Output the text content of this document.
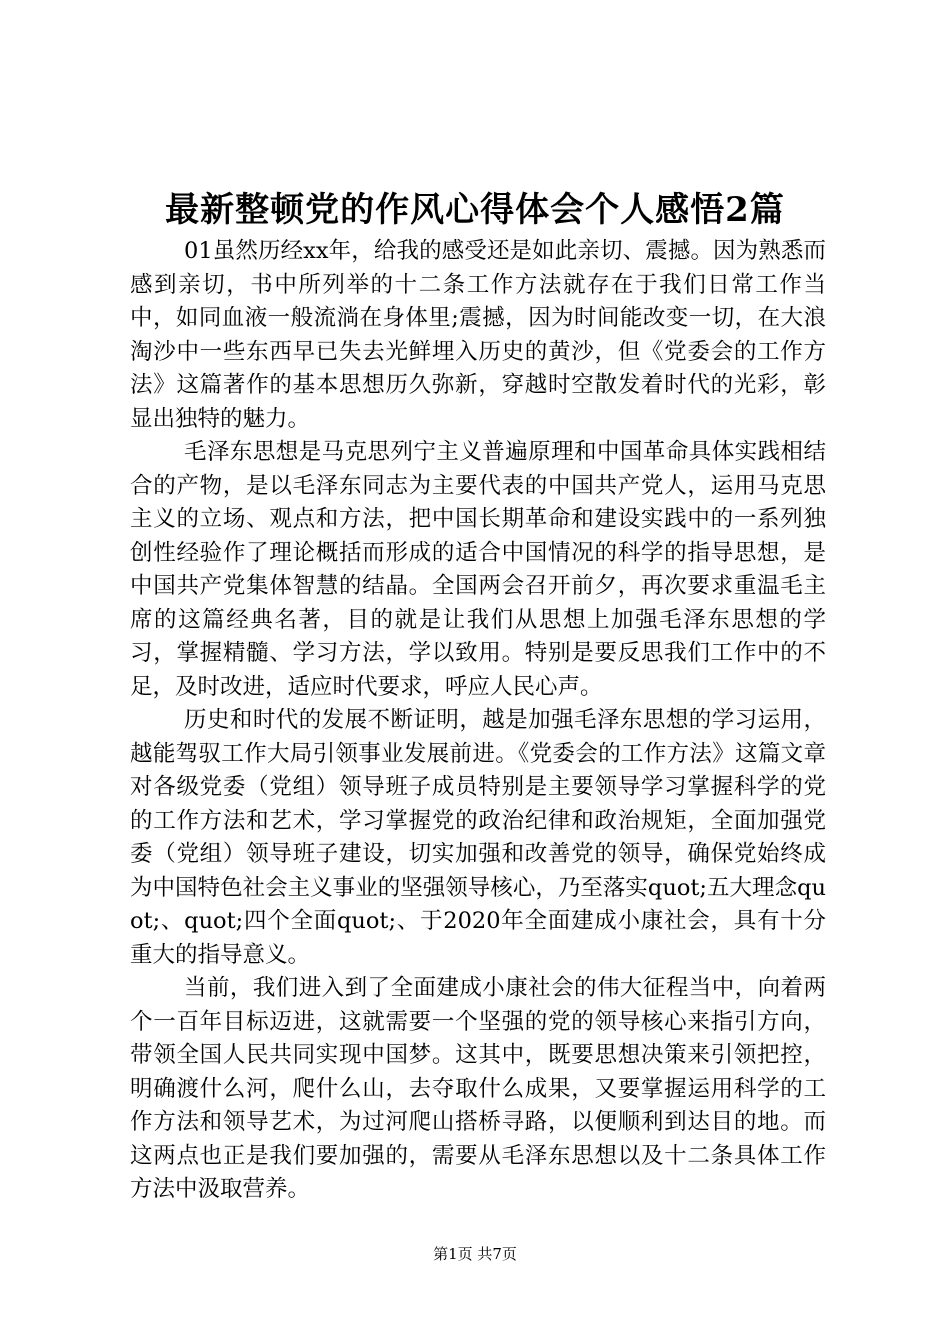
最新整顿党的作风心得体会个人感悟2篇

01虽然历经xx年，给我的感受还是如此亲切、震撼。因为熟悉而感到亲切，书中所列举的十二条工作方法就存在于我们日常工作当中，如同血液一般流淌在身体里;震撼，因为时间能改变一切，在大浪淘沙中一些东西早已失去光鲜埋入历史的黄沙，但《党委会的工作方法》这篇著作的基本思想历久弥新，穿越时空散发着时代的光彩，彰显出独特的魅力。

毛泽东思想是马克思列宁主义普遍原理和中国革命具体实践相结合的产物，是以毛泽东同志为主要代表的中国共产党人，运用马克思主义的立场、观点和方法，把中国长期革命和建设实践中的一系列独创性经验作了理论概括而形成的适合中国情况的科学的指导思想，是中国共产党集体智慧的结晶。全国两会召开前夕，再次要求重温毛主席的这篇经典名著，目的就是让我们从思想上加强毛泽东思想的学习，掌握精髓、学习方法，学以致用。特别是要反思我们工作中的不足，及时改进，适应时代要求，呼应人民心声。

历史和时代的发展不断证明，越是加强毛泽东思想的学习运用，越能驾驭工作大局引领事业发展前进。《党委会的工作方法》这篇文章对各级党委（党组）领导班子成员特别是主要领导学习掌握科学的党的工作方法和艺术，学习掌握党的政治纪律和政治规矩，全面加强党委（党组）领导班子建设，切实加强和改善党的领导，确保党始终成为中国特色社会主义事业的坚强领导核心，乃至落实quot;五大理念quot;、quot;四个全面quot;、于2020年全面建成小康社会，具有十分重大的指导意义。

当前，我们进入到了全面建成小康社会的伟大征程当中，向着两个一百年目标迈进，这就需要一个坚强的党的领导核心来指引方向，带领全国人民共同实现中国梦。这其中，既要思想决策来引领把控，明确渡什么河，爬什么山，去夺取什么成果，又要掌握运用科学的工作方法和领导艺术，为过河爬山搭桥寻路，以便顺利到达目的地。而这两点也正是我们要加强的，需要从毛泽东思想以及十二条具体工作方法中汲取营养。

第1页 共7页
